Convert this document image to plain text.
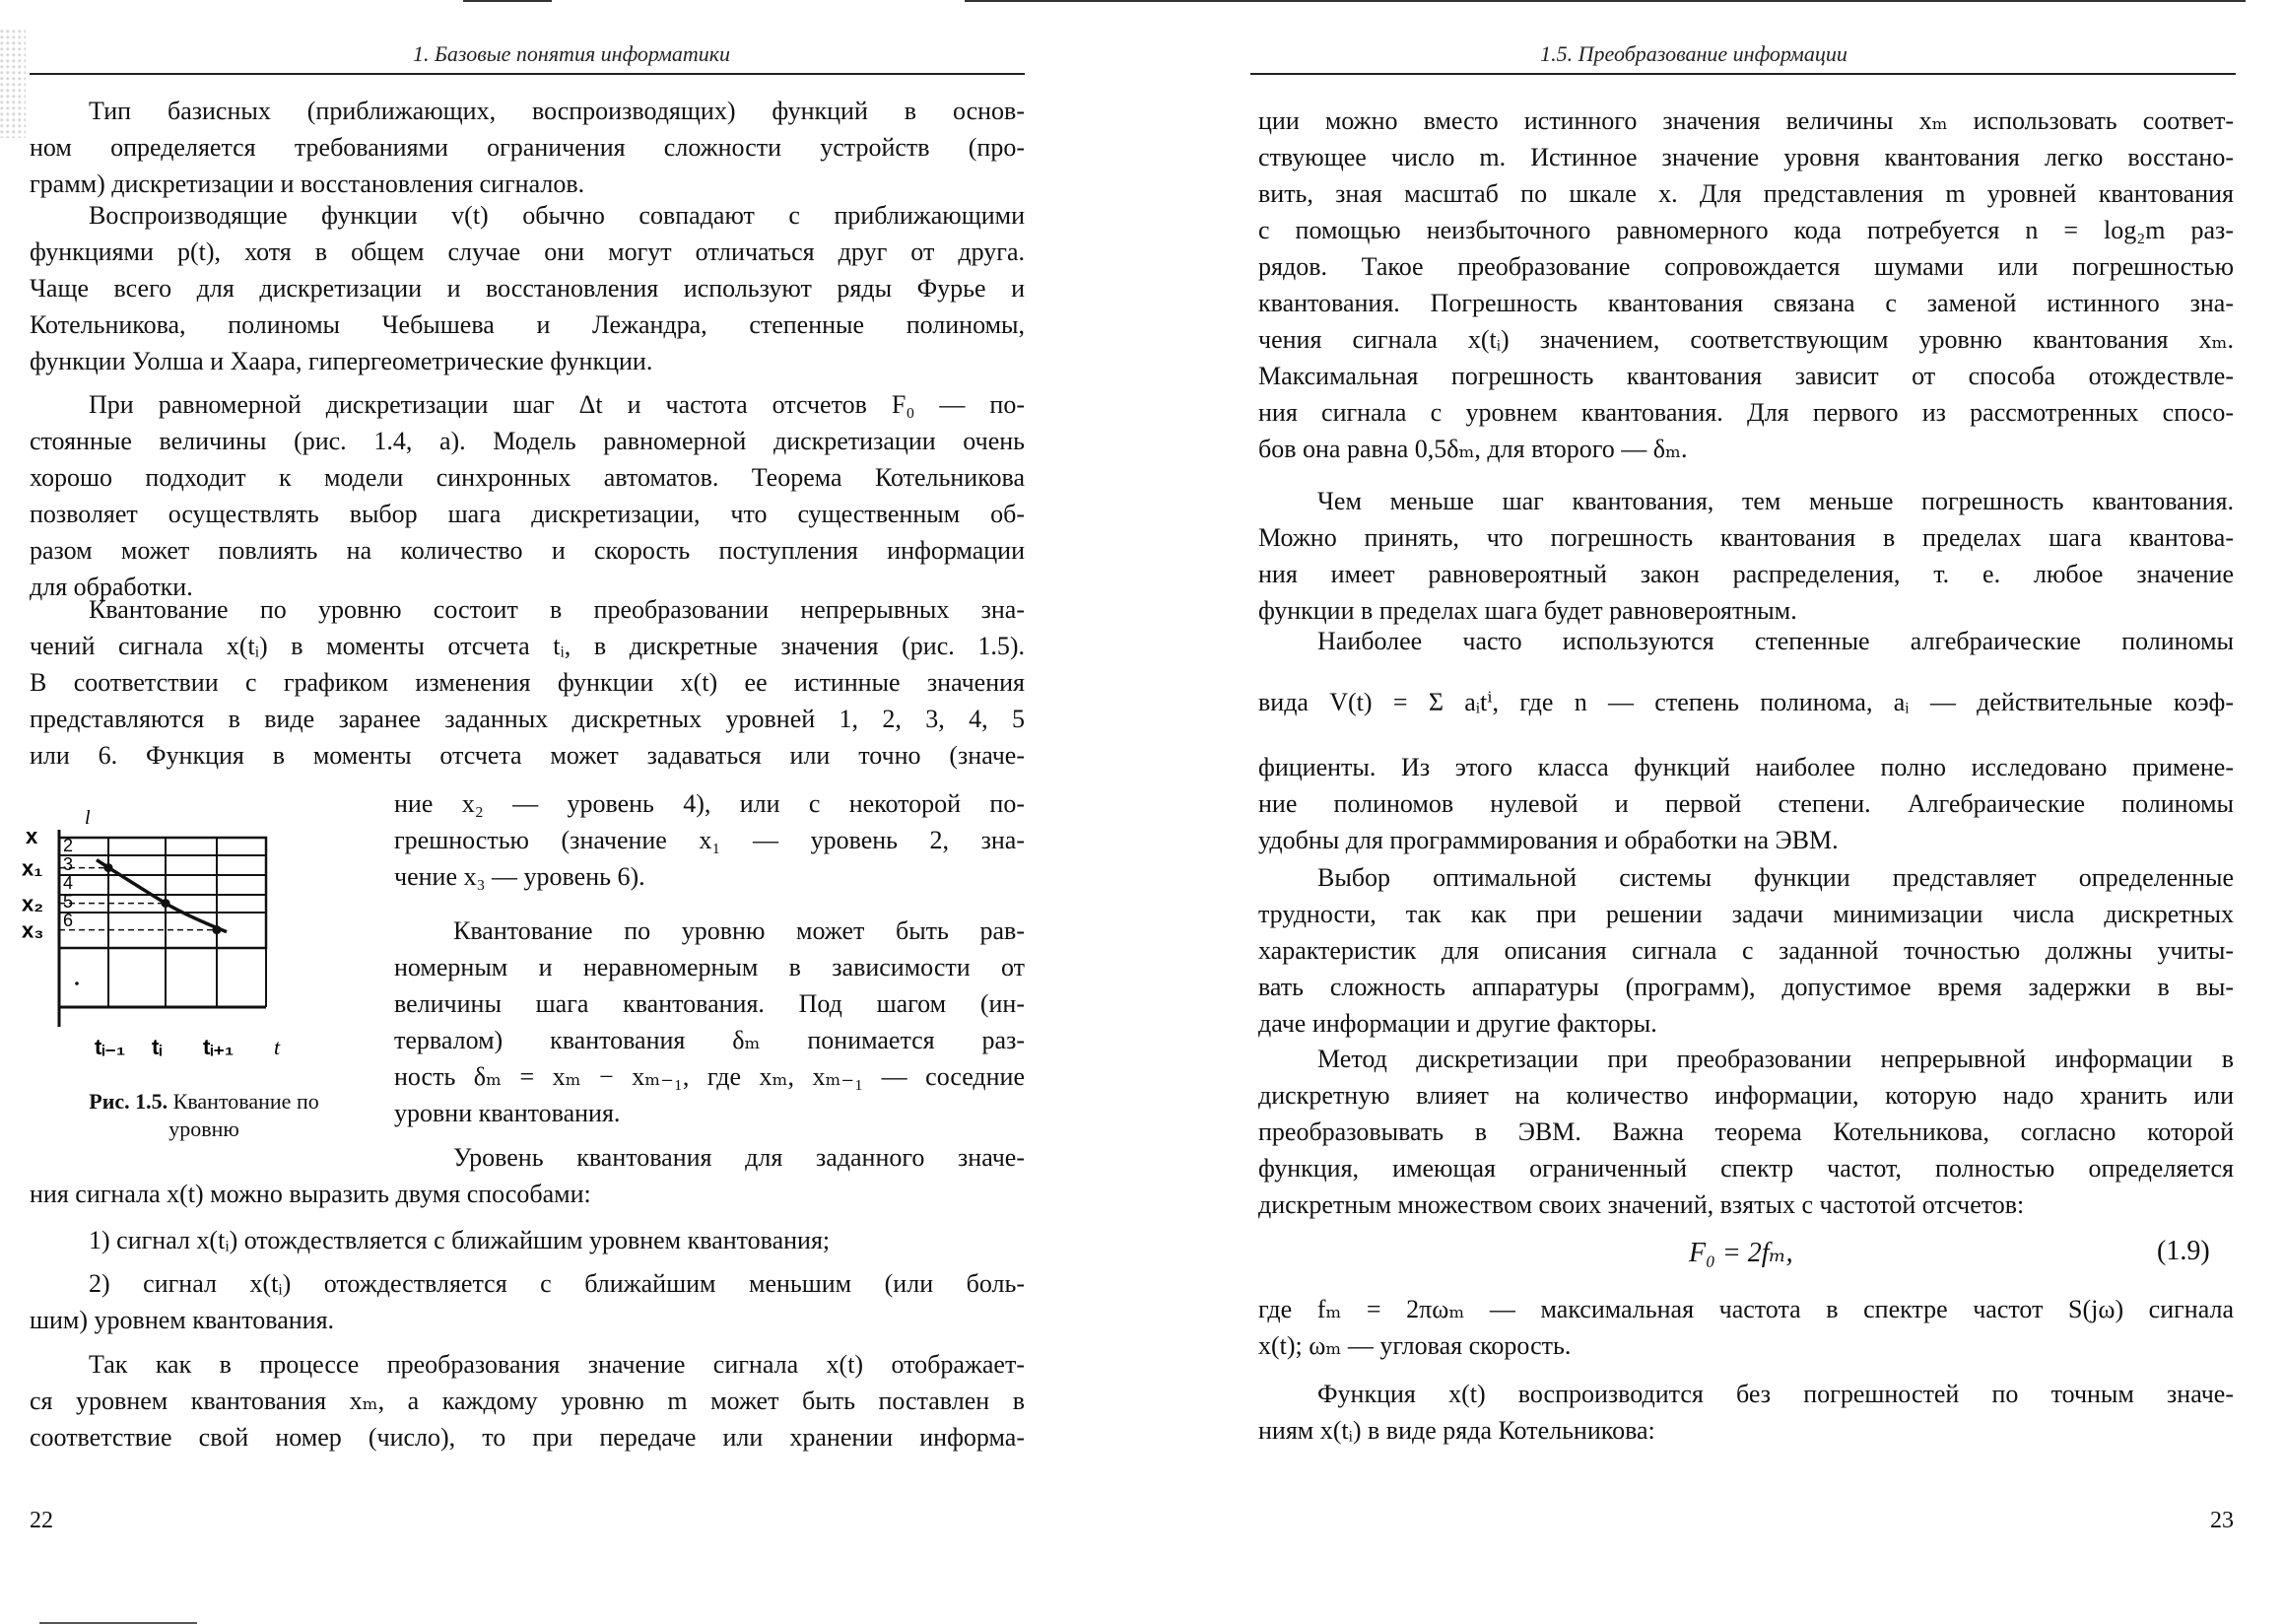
1. Базовые понятия информатики
Тип базисных (приближающих, воспроизводящих) функций в основ-
ном определяется требованиями ограничения сложности устройств (про-
грамм) дискретизации и восстановления сигналов.
Воспроизводящие функции v(t) обычно совпадают с приближающими
функциями p(t), хотя в общем случае они могут отличаться друг от друга.
Чаще всего для дискретизации и восстановления используют ряды Фурье и
Котельникова, полиномы Чебышева и Лежандра, степенные полиномы,
функции Уолша и Хаара, гипергеометрические функции.
При равномерной дискретизации шаг Δt и частота отсчетов F₀ — по-
стоянные величины (рис. 1.4, а). Модель равномерной дискретизации очень
хорошо подходит к модели синхронных автоматов. Теорема Котельникова
позволяет осуществлять выбор шага дискретизации, что существенным об-
разом может повлиять на количество и скорость поступления информации
для обработки.
Квантование по уровню состоит в преобразовании непрерывных зна-
чений сигнала x(tᵢ) в моменты отсчета tᵢ, в дискретные значения (рис. 1.5).
В соответствии с графиком изменения функции x(t) ее истинные значения
представляются в виде заранее заданных дискретных уровней 1, 2, 3, 4, 5
или 6. Функция в моменты отсчета может задаваться или точно (значе-
l
2
3
4
5
6
x
x₁
x₂
x₃
tᵢ₋₁ tᵢ tᵢ₊₁ t
Рис. 1.5. Квантование по уровню
ние x₂ — уровень 4), или с некоторой по-
грешностью (значение x₁ — уровень 2, зна-
чение x₃ — уровень 6).
Квантование по уровню может быть рав-
номерным и неравномерным в зависимости от
величины шага квантования. Под шагом (ин-
тервалом) квантования δₘ понимается раз-
ность δₘ = xₘ − xₘ₋₁, где xₘ, xₘ₋₁ — соседние
уровни квантования.
Уровень квантования для заданного значе-
ния сигнала x(t) можно выразить двумя способами:
1) сигнал x(tᵢ) отождествляется с ближайшим уровнем квантования;
2) сигнал x(tᵢ) отождествляется с ближайшим меньшим (или боль-
шим) уровнем квантования.
Так как в процессе преобразования значение сигнала x(t) отображает-
ся уровнем квантования xₘ, а каждому уровню m может быть поставлен в
соответствие свой номер (число), то при передаче или хранении информа-
22
1.5. Преобразование информации
ции можно вместо истинного значения величины xₘ использовать соответ-
ствующее число m. Истинное значение уровня квантования легко восстано-
вить, зная масштаб по шкале x. Для представления m уровней квантования
с помощью неизбыточного равномерного кода потребуется n = log₂m раз-
рядов. Такое преобразование сопровождается шумами или погрешностью
квантования. Погрешность квантования связана с заменой истинного зна-
чения сигнала x(tᵢ) значением, соответствующим уровню квантования xₘ.
Максимальная погрешность квантования зависит от способа отождествле-
ния сигнала с уровнем квантования. Для первого из рассмотренных спосо-
бов она равна 0,5δₘ, для второго — δₘ.
Чем меньше шаг квантования, тем меньше погрешность квантования.
Можно принять, что погрешность квантования в пределах шага квантова-
ния имеет равновероятный закон распределения, т. е. любое значение
функции в пределах шага будет равновероятным.
Наиболее часто используются степенные алгебраические полиномы
вида V(t) = Σ aᵢtⁱ, где n — степень полинома, aᵢ — действительные коэф-
фициенты. Из этого класса функций наиболее полно исследовано примене-
ние полиномов нулевой и первой степени. Алгебраические полиномы
удобны для программирования и обработки на ЭВМ.
Выбор оптимальной системы функции представляет определенные
трудности, так как при решении задачи минимизации числа дискретных
характеристик для описания сигнала с заданной точностью должны учиты-
вать сложность аппаратуры (программ), допустимое время задержки в вы-
даче информации и другие факторы.
Метод дискретизации при преобразовании непрерывной информации в
дискретную влияет на количество информации, которую надо хранить или
преобразовывать в ЭВМ. Важна теорема Котельникова, согласно которой
функция, имеющая ограниченный спектр частот, полностью определяется
дискретным множеством своих значений, взятых с частотой отсчетов:
F₀ = 2fₘ,	(1.9)
где fₘ = 2πωₘ — максимальная частота в спектре частот S(jω) сигнала
x(t); ωₘ — угловая скорость.
Функция x(t) воспроизводится без погрешностей по точным значе-
ниям x(tᵢ) в виде ряда Котельникова:
23
